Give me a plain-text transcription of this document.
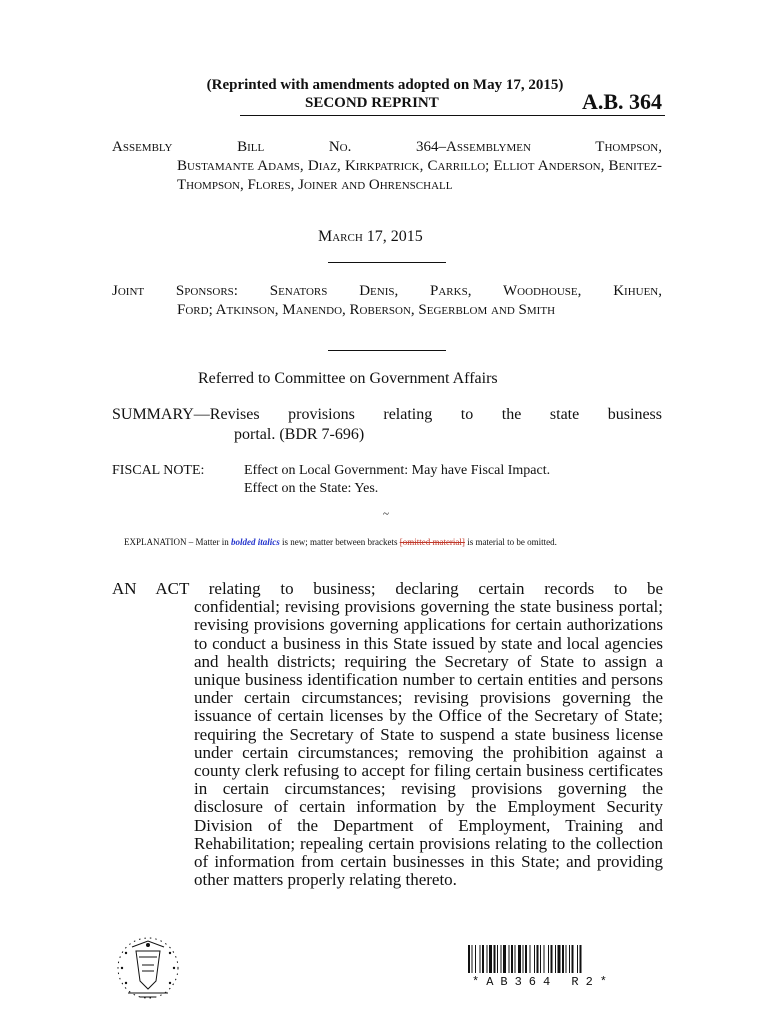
(Reprinted with amendments adopted on May 17, 2015)
SECOND REPRINT	A.B. 364
Assembly Bill No. 364–Assemblymen Thompson,
Bustamante Adams, Diaz, Kirkpatrick, Carrillo; Elliot Anderson, Benitez-Thompson, Flores, Joiner and Ohrenschall
March 17, 2015
Joint Sponsors: Senators Denis, Parks, Woodhouse, Kihuen,
Ford; Atkinson, Manendo, Roberson, Segerblom and Smith
Referred to Committee on Government Affairs
SUMMARY—Revises provisions relating to the state business
portal. (BDR 7-696)
FISCAL NOTE:	Effect on Local Government: May have Fiscal Impact.
Effect on the State: Yes.
~
EXPLANATION – Matter in bolded italics is new; matter between brackets [omitted material] is material to be omitted.
AN ACT relating to business; declaring certain records to be
confidential; revising provisions governing the state business portal; revising provisions governing applications for certain authorizations to conduct a business in this State issued by state and local agencies and health districts; requiring the Secretary of State to assign a unique business identification number to certain entities and persons under certain circumstances; revising provisions governing the issuance of certain licenses by the Office of the Secretary of State; requiring the Secretary of State to suspend a state business license under certain circumstances; removing the prohibition against a county clerk refusing to accept for filing certain business certificates in certain circumstances; revising provisions governing the disclosure of certain information by the Employment Security Division of the Department of Employment, Training and Rehabilitation; repealing certain provisions relating to the collection of information from certain businesses in this State; and providing other matters properly relating thereto.
*AB364 R2*
